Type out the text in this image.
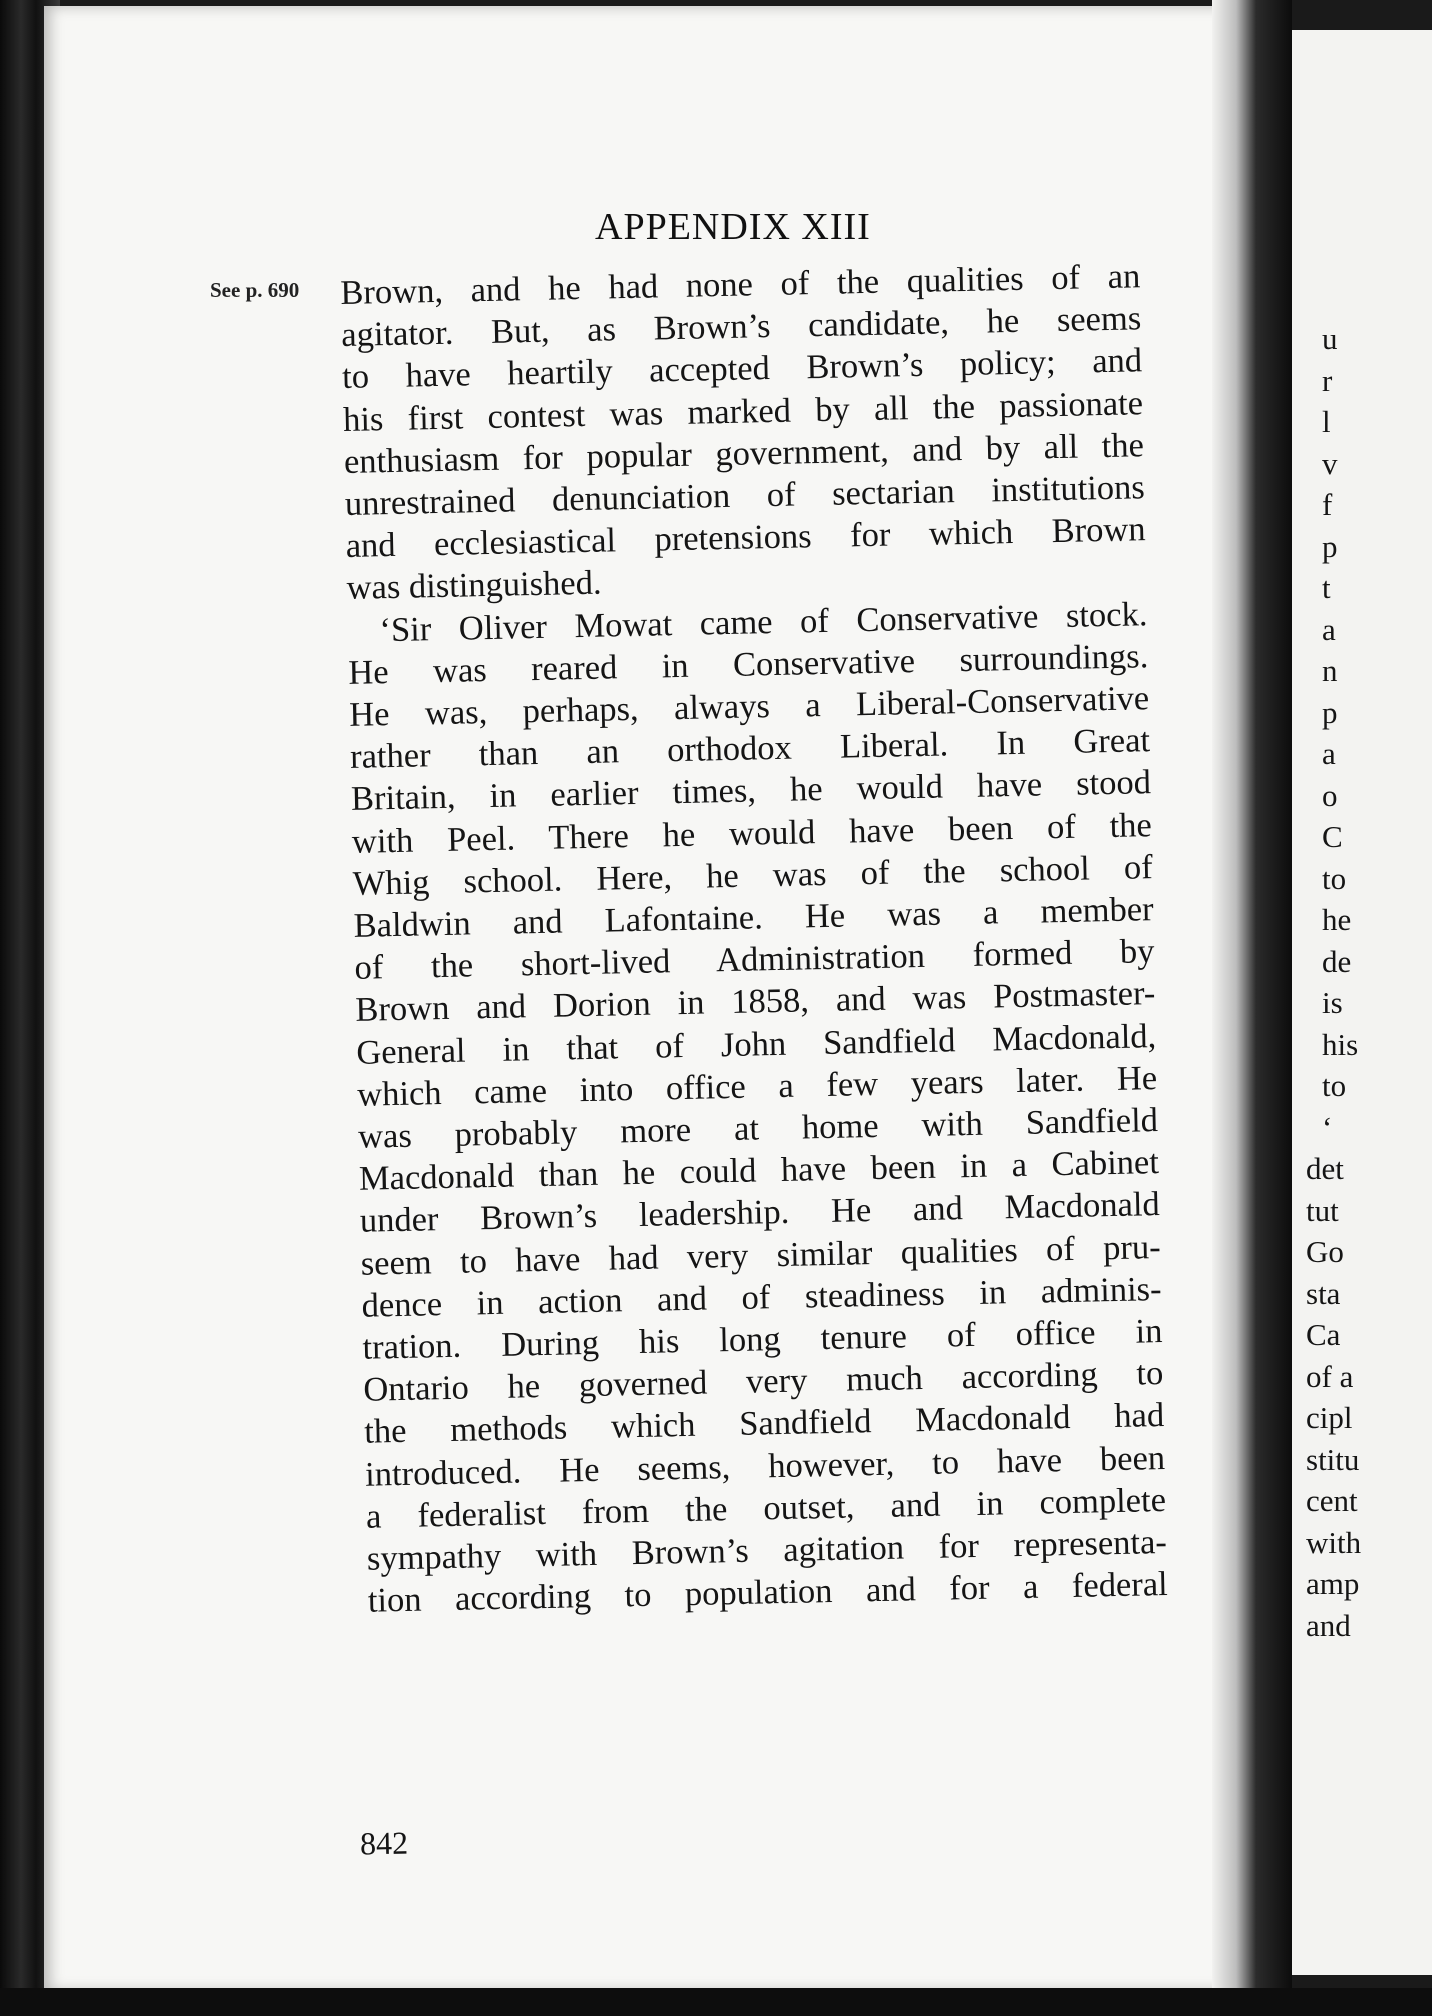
APPENDIX XIII
See p. 690 Brown, and he had none of the qualities of an
agitator. But, as Brown’s candidate, he seems
to have heartily accepted Brown’s policy; and
his first contest was marked by all the passionate
enthusiasm for popular government, and by all the
unrestrained denunciation of sectarian institutions
and ecclesiastical pretensions for which Brown
was distinguished.
‘Sir Oliver Mowat came of Conservative stock.
He was reared in Conservative surroundings.
He was, perhaps, always a Liberal-Conservative
rather than an orthodox Liberal. In Great
Britain, in earlier times, he would have stood
with Peel. There he would have been of the
Whig school. Here, he was of the school of
Baldwin and Lafontaine. He was a member
of the short-lived Administration formed by
Brown and Dorion in 1858, and was Postmaster-
General in that of John Sandfield Macdonald,
which came into office a few years later. He
was probably more at home with Sandfield
Macdonald than he could have been in a Cabinet
under Brown’s leadership. He and Macdonald
seem to have had very similar qualities of pru-
dence in action and of steadiness in adminis-
tration. During his long tenure of office in
Ontario he governed very much according to
the methods which Sandfield Macdonald had
introduced. He seems, however, to have been
a federalist from the outset, and in complete
sympathy with Brown’s agitation for representa-
tion according to population and for a federal
842
u
r
l
v
f
p
t
a
n
p
a
o
C
to
he
de
is
his
to
‘
det
tut
Go
sta
Ca
of a
cipl
stitu
cent
with
amp
and
